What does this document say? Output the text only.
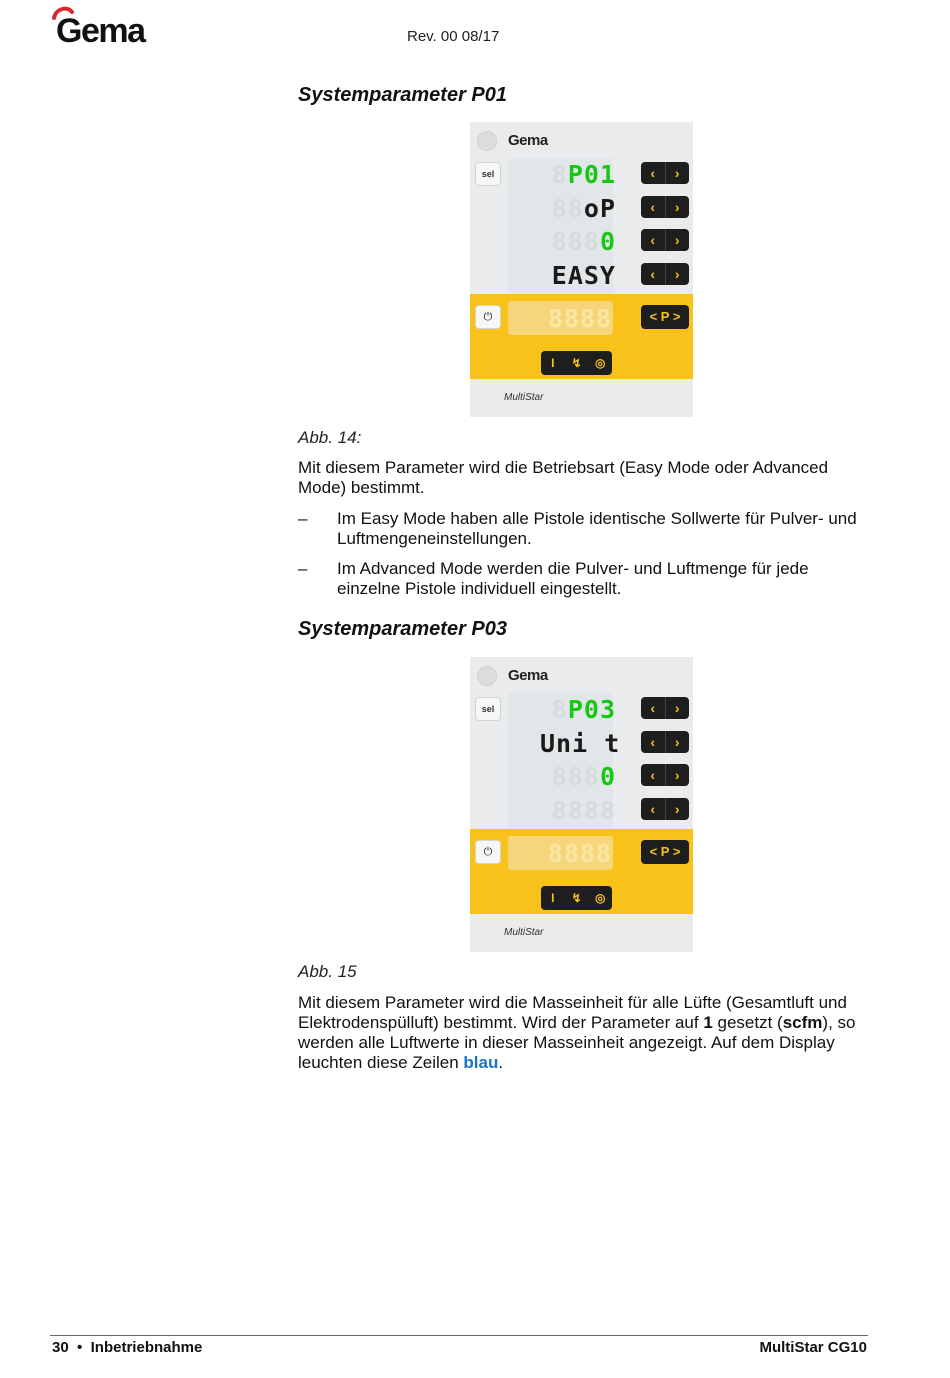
Gema	Rev. 00 08/17
Systemparameter P01
Gema
sel	8P01
88oP
8880
EASY
‹	›
‹	›
‹	›
‹	›
⏻	8888	< P >
I	↯	◎
MultiStar
Abb. 14:
Mit diesem Parameter wird die Betriebsart (Easy Mode oder Advanced Mode) bestimmt.
– Im Easy Mode haben alle Pistole identische Sollwerte für Pulver- und Luftmengeneinstellungen.
– Im Advanced Mode werden die Pulver- und Luftmenge für jede einzelne Pistole individuell eingestellt.
Systemparameter P03
Gema
sel	8P03
Uni t
8880
8888
‹	›
‹	›
‹	›
‹	›
⏻	8888	< P >
I	↯	◎
MultiStar
Abb. 15
Mit diesem Parameter wird die Masseinheit für alle Lüfte (Gesamtluft und Elektrodenspülluft) bestimmt. Wird der Parameter auf 1 gesetzt (scfm), so werden alle Luftwerte in dieser Masseinheit angezeigt. Auf dem Display leuchten diese Zeilen blau.
30 • Inbetriebnahme	MultiStar CG10
